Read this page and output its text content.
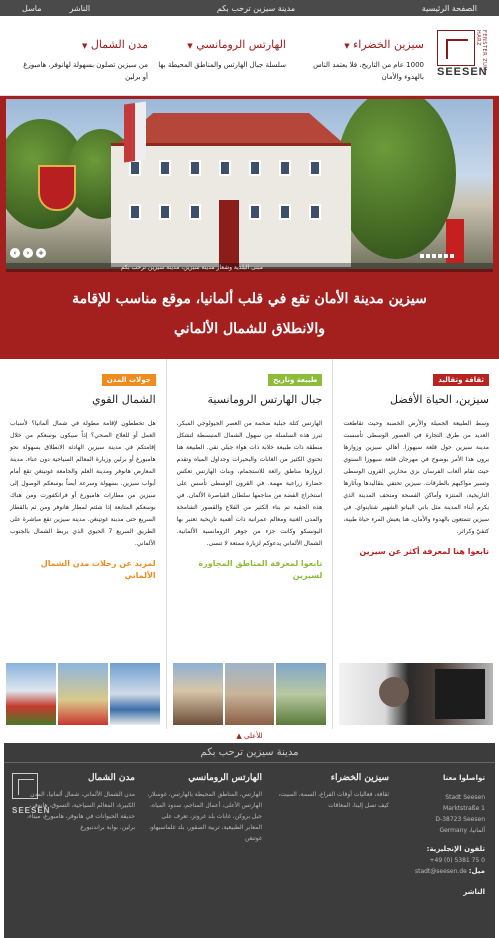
الصفحة الرئيسية
مدينة سيزين ترحب بكم
الناشر
ماسل
FENSTER ZUM HARZ
SEESEN
سيزين الخضراء ▼

1000 عام من التاريخ، فلا يعتمد الناس بالهدوء والأمان

الهارتس الرومانسي ▼

سلسلة جبال الهارتس والمناطق المحيطة بها

مدن الشمال ▼

من سيزين تصلون بسهولة لهانوفر، هامبورغ أو برلين

مبنى البلدية وشعار مدينة سيزين، مدينة سيزين ترحب بكم
‹	›	+
سيزين مدينة الأمان تقع في قلب ألمانيا، موقع مناسب للإقامة
والانطلاق للشمال الألماني
ثقافة وتقاليد
سيزين، الحياة الأفضل

وسط الطبيعة الجميلة والأرض الخصبة وحيث تقاطعت العديد من طرق التجارة في العصور الوسطى تأسست مدينة سيزين حول قلعة سيهوزا. أهالي سيزين وزوارها يرون هذا الأمر بوضوح في مهرجان قلعة سيهوزا السنوي حيث تقام ألعاب الفرسان بزي محاربي القرون الوسطى وتسير مواكبهم بالطرقات. سيزين تحتفي بتقاليدها وبآثارها التاريخية، المنتزه وأماكن الفسحة ومتحف المدينة الذي يكرم أبناء المدينة مثل باني البيانو الشهير شتاينواي. في سيزين تتمتعون بالهدوء والأمان، هنا يعيش المرء حياة طيبة، كنفيّ وكراثر.

تابعوا هنا لمعرفة أكثر عن سيزين
طبيعة وتاريخ
جبال الهارتس الرومانسية

الهارتس كتلة جبلية ضخمة من العصر الجيولوجي المبكر، تبرز هذه السلسلة من سهول الشمال المنبسطة لتشكل منطقة ذات طبيعة خلابة ذات هواء جبلي نقي. الطبيعة هنا تحتوي الكثير من الغابات والبحيرات وجداول المياه وتقدم لزوارها مناطق رائعة للاستجمام، وبنات الهارتس تعكس حضارة زراعية مهمة. في القرون الوسطى تأسس على استخراج الفضة من مناجمها سلطان القياصرة الألمان. في هذه الحقبة تم بناء الكثير من القلاع والقصور الشامخة والمدن الغنية ومعالم عمرانية ذات أهمية تاريخية تعتبر بها اليونسكو وكانت جزء من جوهر الرومانسية الألمانية. الشمال الألماني يدعوكم لزيارة ممتعة لا تنسى.

تابعوا لمعرفة المناطق المجاورة لسيزين
جولات المدن
الشمال القوي

هل تخططون لإقامة مطولة في شمال ألمانيا؟ لأسباب العمل أو للعلاج الصحي؟ إذاً سيكون بوسعكم من خلال إقامتكم في مدينة سيزين الهادئة الانطلاق بسهولة نحو هامبورغ أو برلين وزيارة المعالم السياحية دون عناء. مدينة المعارض هانوفر ومدينة العلم والجامعة غوتينغن تقع أمام أبواب سيزين. بسهولة وسرعة أيضاً بوسعكم الوصول إلى سيزين من مطارات هامبورغ أو فرانكفورت ومن هناك بوسعكم المتابعة إذا شئتم لمطار هانوفر ومن ثم بالقطار السريع حتى مدينة غوتينغن. مدينة سيزين تقع مباشرة على الطريق السريع 7 الحيوي الذي يربط الشمال بالجنوب الألماني.

لمزيد عن رحلات مدن الشمال الألماني
للأعلى ▲
مدينة سيزين ترحب بكم
تواصلوا معنا
Stadt Seesen
Marktstraße 1
D-38723 Seesen
ألمانيا، Germany
تلفون الإنجليزية:
+49 (0) 5381 75 0
ميل: stadt@seesen.de
الناشر
سيزين الخضراء

ثقافة، فعاليات أوقات الفراغ، السمة، المبيت، كيف تصل إلينا، المعاقات

الهارتس الرومانسي

الهارتس، المناطق المحيطة بالهارتس، غوسلار، الهارتس الأعلى، أعمال المناجم، سدود المياه، جبل بروكن، غابات بلد غرونز، تعرف على المعابر الطبيعية، تربية الصقور، بلد غلماسيهاو، غوتنغن

مدن الشمال

مدن الشمال الألماني، شمال ألمانيا، المدن الكبيرة، المعالم السياحية، التسوق، هانوفر، حديقة الحيوانات في هانوفر، هامبورغ، ميناء، برلين، بوابة براندنبورغ

SEESEN
